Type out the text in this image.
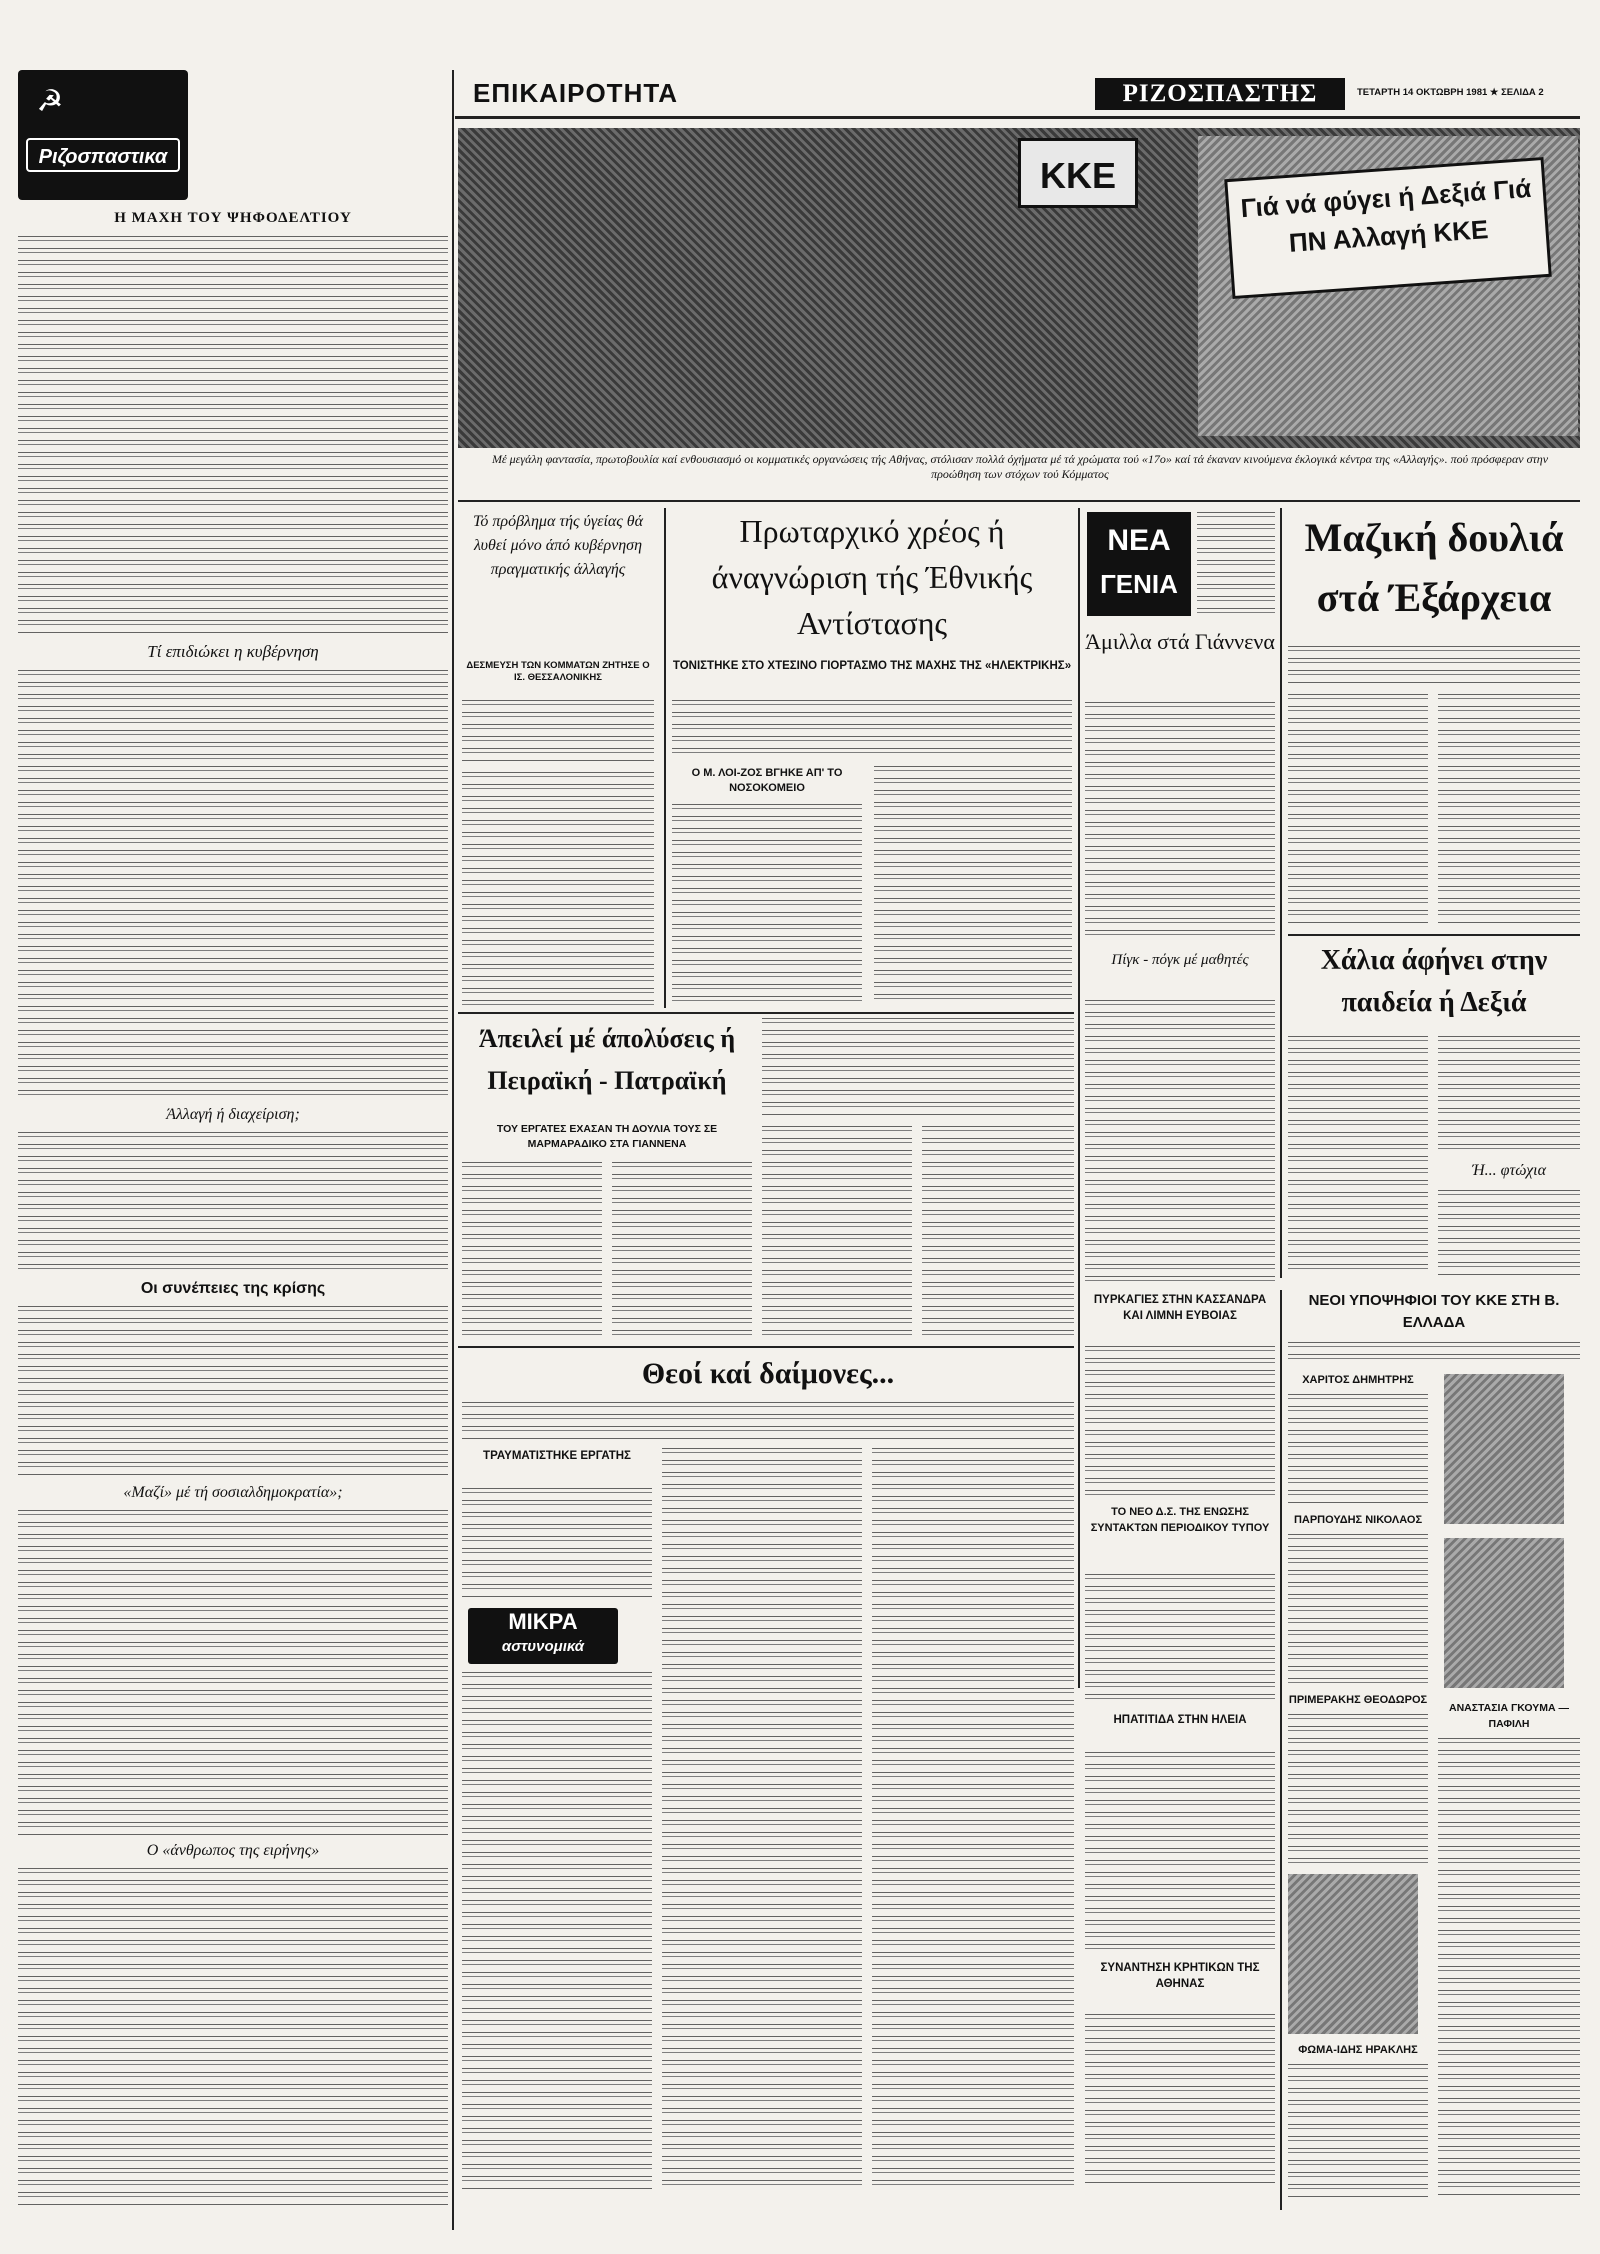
ΕΠΙΚΑΙΡΟΤΗΤΑ	ΡΙΖΟΣΠΑΣΤΗΣ	ΤΕΤΑΡΤΗ 14 ΟΚΤΩΒΡΗ 1981 ★ ΣΕΛΙΔΑ 2
☭
Ριζοσπαστικα
Η ΜΑΧΗ ΤΟΥ ΨΗΦΟΔΕΛΤΙΟΥ
Τί επιδιώκει η κυβέρνηση
Άλλαγή ή διαχείριση;
Οι συνέπειες της κρίσης
«Μαζί» μέ τή σοσιαλδημοκρατία»;
Ο «άνθρωπος της ειρήνης»
Γιά νά φύγει ή Δεξιά Γιά ΠΝ Αλλαγή ΚΚΕ
ΚΚΕ
Μέ μεγάλη φαντασία, πρωτοβουλία καί ενθουσιασμό οι κομματικές οργανώσεις τής Αθήνας, στόλισαν πολλά όχήματα μέ τά χρώματα τού «17ο» καί τά έκαναν κινούμενα έκλογικά κέντρα της «Αλλαγής». πού πρόσφεραν στην προώθηση των στόχων τού Κόμματος
Τό πρόβλημα τής ύγείας θά λυθεί μόνο άπό κυβέρνηση πραγματικής άλλαγής
ΔΕΣΜΕΥΣΗ ΤΩΝ ΚΟΜΜΑΤΩΝ ΖΗΤΗΣΕ Ο ΙΣ. ΘΕΣΣΑΛΟΝΙΚΗΣ
Πρωταρχικό χρέος ή άναγνώριση τής Έθνικής Αντίστασης
ΤΟΝΙΣΤΗΚΕ ΣΤΟ ΧΤΕΣΙΝΟ ΓΙΟΡΤΑΣΜΟ ΤΗΣ ΜΑΧΗΣ ΤΗΣ «ΗΛΕΚΤΡΙΚΗΣ»
Ο Μ. ΛΟΙ-ΖΟΣ ΒΓΗΚΕ ΑΠ' ΤΟ ΝΟΣΟΚΟΜΕΙΟ
ΝΕΑ
ΓΕΝΙΑ
Άμιλλα στά Γιάννενα
Πίγκ - πόγκ μέ μαθητές
Μαζική δουλιά στά Έξάρχεια
Χάλια άφήνει στην παιδεία ή Δεξιά
Ή... φτώχια
Άπειλεί μέ άπολύσεις ή Πειραϊκή - Πατραϊκή
ΤΟΥ ΕΡΓΑΤΕΣ ΕΧΑΣΑΝ ΤΗ ΔΟΥΛΙΑ ΤΟΥΣ ΣΕ ΜΑΡΜΑΡΑΔΙΚΟ ΣΤΑ ΓΙΑΝΝΕΝΑ
Θεοί καί δαίμονες...
ΤΡΑΥΜΑΤΙΣΤΗΚΕ ΕΡΓΑΤΗΣ
ΜΙΚΡΑ
αστυνομικά
ΠΥΡΚΑΓΙΕΣ ΣΤΗΝ ΚΑΣΣΑΝΔΡΑ ΚΑΙ ΛΙΜΝΗ ΕΥΒΟΙΑΣ
ΤΟ ΝΕΟ Δ.Σ. ΤΗΣ ΕΝΩΣΗΣ ΣΥΝΤΑΚΤΩΝ ΠΕΡΙΟΔΙΚΟΥ ΤΥΠΟΥ
ΗΠΑΤΙΤΙΔΑ ΣΤΗΝ ΗΛΕΙΑ
ΣΥΝΑΝΤΗΣΗ ΚΡΗΤΙΚΩΝ ΤΗΣ ΑΘΗΝΑΣ
ΝΕΟΙ ΥΠΟΨΗΦΙΟΙ ΤΟΥ ΚΚΕ ΣΤΗ Β. ΕΛΛΑΔΑ
ΧΑΡΙΤΟΣ ΔΗΜΗΤΡΗΣ
ΠΑΡΠΟΥΔΗΣ ΝΙΚΟΛΑΟΣ
ΠΡΙΜΕΡΑΚΗΣ ΘΕΟΔΩΡΟΣ
ΑΝΑΣΤΑΣΙΑ ΓΚΟΥΜΑ — ΠΑΦΙΛΗ
ΦΩΜΑ-ΙΔΗΣ ΗΡΑΚΛΗΣ
